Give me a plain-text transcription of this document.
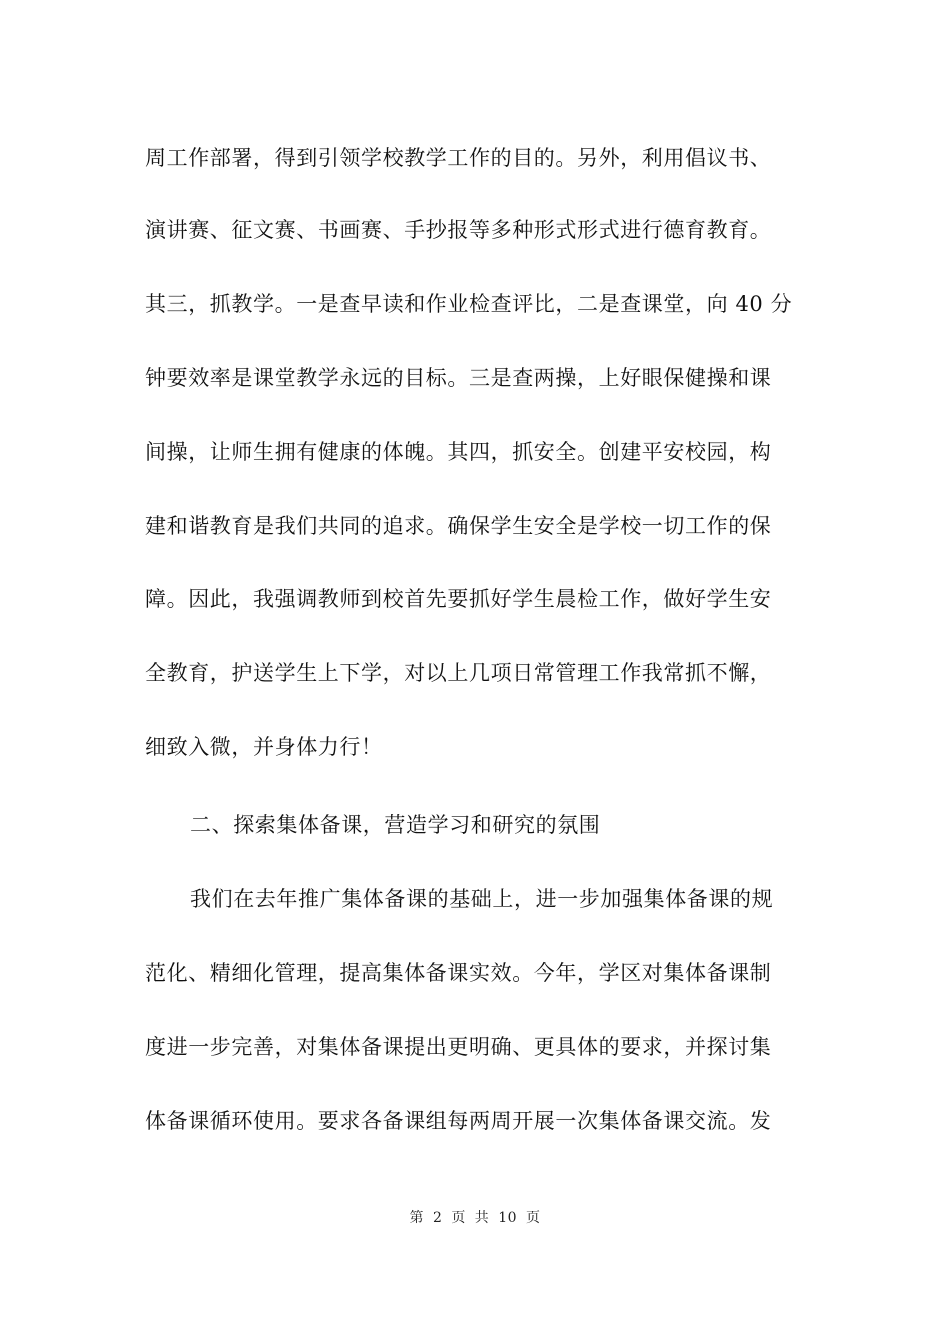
周工作部署，得到引领学校教学工作的目的。另外，利用倡议书、
演讲赛、征文赛、书画赛、手抄报等多种形式形式进行德育教育。
其三，抓教学。一是查早读和作业检查评比，二是查课堂，向 40 分
钟要效率是课堂教学永远的目标。三是查两操，上好眼保健操和课
间操，让师生拥有健康的体魄。其四，抓安全。创建平安校园，构
建和谐教育是我们共同的追求。确保学生安全是学校一切工作的保
障。因此，我强调教师到校首先要抓好学生晨检工作，做好学生安
全教育，护送学生上下学，对以上几项日常管理工作我常抓不懈，
细致入微，并身体力行！
二、探索集体备课，营造学习和研究的氛围
我们在去年推广集体备课的基础上，进一步加强集体备课的规
范化、精细化管理，提高集体备课实效。今年，学区对集体备课制
度进一步完善，对集体备课提出更明确、更具体的要求，并探讨集
体备课循环使用。要求各备课组每两周开展一次集体备课交流。发
第 2 页 共 10 页
